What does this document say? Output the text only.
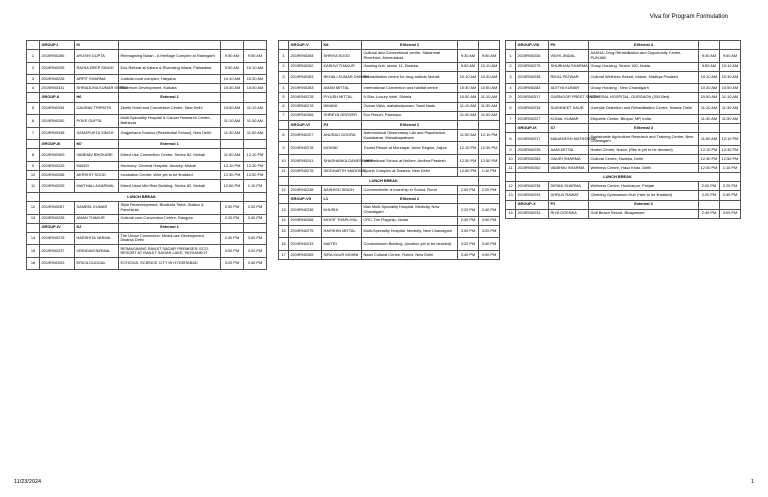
Viva for Program Formulation
	GROUP-I	I0			
1	2019RN0266	AYUSHI GUPTA	Reimagining Notan - A Heritage Complex at Rabingarh	9:50 AM	9:50 AM
2	2019RN0295	RAHULDEEP SINGH	Eco-Retreat at Kalara & Riverwing Island, Palisadeal	9:50 AM	10:10 AM
3	2019RN0228	ARPIT SHARMA	Judicial court complex, Haryana	10:10 AM	10:30 AM
4	2019RN0311	SHRADDHA KUMAR SHREE	Riverfront Development, Kolkata	10:30 AM	10:50 AM
	GROUP-II	H6	External 1		
5	2019RN0294	GAURAV TRIPATHI	Zenith Hotel and Convention Centre, New Delhi	10:50 AM	11:10 AM
6	2019RN0292	POKE GUPTA	Multi-Speciality Hospital & Cancer Research Centre, Bathinda	11:10 AM	11:30 AM
7	2019RN0338	SANGPUKTA SINGH	Jhajjarhana Gurukul (Residential School), New Delhi	11:30 AM	11:50 AM
	GROUP-III	M7	External 1		
8	2019RN0300	VAIBHAV BHOKARE	Mixed Use Convention Centre, Sector 82, Mohali	11:50 AM	12:10 PM
9	2019RN0225	MANSI	Harmony: General Hospital- Amarky, Mohali	12:10 PM	12:30 PM
10	2019RN0268	AKRSHIT SOOD	Incubation Centre: Wire yet to be finalized	12:30 PM	12:50 PM
11	2019RN0225	MAITHALI AGARWAL	Mixed Used Mid Rise Building- Sector 82, Mohali	12:50 PM	1:10 PM
	LUNCH BREAK				
12	2019RN0267	SAMEEL KUMAR	Style Redevelopment, Bhatinda Tibba, Station & Panchkula	2:00 PM	2:20 PM
13	2019RN0228	AMAN THAKUR	Cultural cum Convention Centre, Rangpur	2:20 PM	2:40 PM
	GROUP-IV	K2	External 1		
14	2019RN0276	HARSHITA VARMA	The Urban Connection: Mixed-use Development, Dwarka Delhi	2:40 PM	3:00 PM
15	2019RN0237	VRINDAM NIRMAL	REIMAGINING RANJIT SAGAR PREMISES: ECO-RESORT AT RANJIT SAGAR LAKE, PATHANKOT	3:00 PM	3:20 PM
16	2019RN0253	ERICA DUGGAL	ECHOVIA: SCIENCE CITY IN HYDERABAD	3:20 PM	3:40 PM
	GROUP-V	K8	EXternal 2		
1	2019RN0284	SHRIYA SOOD	Cultural and Conventional centre, Sabarmati Riverfront, Ahmedabad	9:30 AM	9:50 AM
2	2019RN0262	KASHVI THAKUR	Gaming hub, sector 11, Dwarka	9:50 AM	10:10 AM
3	2019RN0283	NEHALI KUMAR DHIMAN	Rehabilitation centre for drug addicts Mohali	10:10 AM	10:30 AM
4	2019RN0283	AMAN MITTAL	International Convention and habitat centre	10:30 AM	10:50 AM
5	2019RN0278	PIYUSH MITTAL	9-Star, Luxury hotel, Shimla	10:50 AM	11:10 AM
6	2019RN0278	HIMANI	Ocean Vista, mahabalipuram, Tamil Nadu	11:10 AM	11:30 AM
7	2019RN0265	SHREYA GROVER	Eco Resort, Palampur	11:30 AM	11:50 AM
	GROUP-VI	P3	EXternal 2		
8	2019RN0227	ANURAG DOGRA	Astronomical Observatory Lab and Planetarium, Kodaikanal, Vishakhapatnam	11:50 AM	12:10 PM
9	2019RN0278	MOHINI	Tourist Resort at Moreaqar: Amer Region, Jaipur	12:10 PM	12:30 PM
10	2019RN0241	SHASHANKA DANESHWER	International School at Nellore, Andhra Pradesh	12:30 PM	12:50 PM
11	2019RN0278	SIDDHARTH WADHWA	Sports Complex at Dwarka, New Delhi	12:50 PM	1:10 PM
	LUNCH BREAK				
12	2019RN0238	AASHISH SINGH	Communitville: a township in Sohna, Rural	2:00 PM	2:20 PM
	GROUP-VII	L1	EXternal 2		
13	2019RN0236	KHUSHI	Max Multi-Speciality Hospital, Medicity, New Chandigarh	2:20 PM	2:40 PM
14	2019RN0266	MOHIT THAPLIYAL	CRC-The Flagship, Noida	2:40 PM	3:00 PM
15	2019RN0275	HARSHIN MITTAL	Multi-Speciality Hospital, Medicity, New Chandigarh	3:00 PM	3:20 PM
16	2019RN0233	MAITRI	Condominium Building, (location yet to be decided)	3:20 PM	3:40 PM
17	2019RN0269	SIRA KAUR MOHNI	Naari Cultural Centre, Rohini, New Delhi	3:40 PM	4:00 PM
	GROUP-VIII	P6	EXternal 3		
1	2019RN0236	VIDHI JINDAL	AASHA: Drug Rehabilitation and Opportunity Centre, PUNJAB	9:30 AM	9:50 AM
2	2019RN0275	SHUBHAM SHARMA	Group Housing, Sector 150, Noida	9:50 AM	10:10 AM
3	2019RN0238	RIKAL PATWAR	Cultural Wellness Resort, Indore, Madhya Pradesh	10:10 AM	10:30 AM
4	2019RN0283	ADITYA KUMAR	Group Housing , New Chandigarh	10:30 AM	10:50 AM
5	2019RN0317	GURNOOR PREET SINGH	GENERAL HOSPITAL, GURGAON (300 Bed)	10:50 AM	11:10 AM
6	2019RN0234	SUKHNEET KAUR	Juvenile Detention and Rehabilitation Centre, Narela, Delhi	11:10 AM	11:30 AM
7	2019RN0227	KUNAL KUMAR	Etiquette Center, Bhopal, MP, India	11:30 AM	11:50 AM
	GROUP-IX	S7	EXternal 3		
8	2019RN0217	MAHADESH MATHOUSIA	Sustainable Agriculture Research and Training Centre, New Chandigarh	11:50 AM	12:10 PM
9	2019RN0235	AANI MITTAL	Hostel Centre, Noida, (Site is yet to be decided)	12:10 PM	12:30 PM
10	2019RN0263	GAURI SHARMA	Cultural Centre, Dwarka, Delhi	12:30 PM	12:50 PM
11	2019RN0262	VAIBHAV SHARMA	Wellness Centre, Hauz Khas, Delhi	12:50 PM	1:10 PM
	LUNCH BREAK				
12	2019RN0238	DIPANI SHARMA	Wellness Centre, Hoshiarpur, Punjab	2:00 PM	2:20 PM
13	2019RN0294	DHRUV RAWAT	Climbing Gymnasium Hub (*site to be finalised)	2:20 PM	2:40 PM
	GROUP-X	P2	External 3		
14	2019RN0233	RIYA GOENKA	Golf Beach Resort, Bhagamore	2:40 PM	3:00 PM
11/23/2024	1
